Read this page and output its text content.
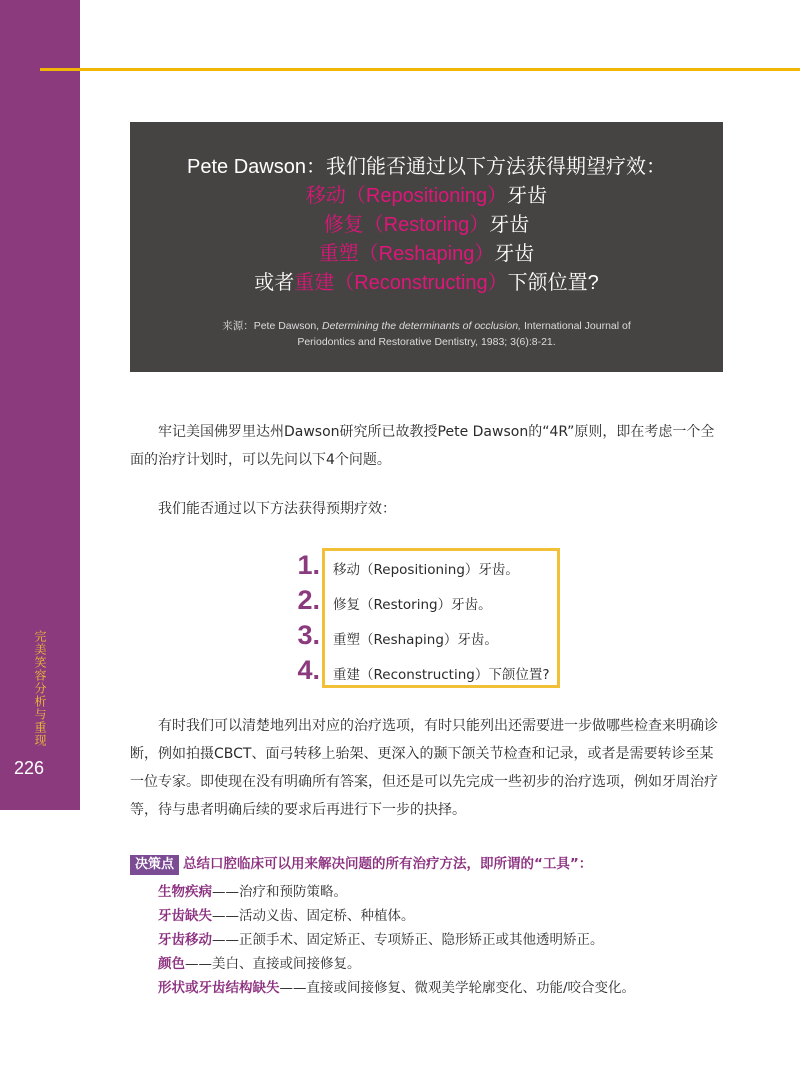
完美笑容分析与重现
226
Pete Dawson：我们能否通过以下方法获得期望疗效：
移动（Repositioning）牙齿
修复（Restoring）牙齿
重塑（Reshaping）牙齿
或者重建（Reconstructing）下颌位置?
来源：Pete Dawson, Determining the determinants of occlusion, International Journal of Periodontics and Restorative Dentistry, 1983; 3(6):8-21.
牢记美国佛罗里达州Dawson研究所已故教授Pete Dawson的“4R”原则，即在考虑一个全面的治疗计划时，可以先问以下4个问题。
我们能否通过以下方法获得预期疗效：
1.
2.
3.
4.
移动（Repositioning）牙齿。
修复（Restoring）牙齿。
重塑（Reshaping）牙齿。
重建（Reconstructing）下颌位置?
有时我们可以清楚地列出对应的治疗选项，有时只能列出还需要进一步做哪些检查来明确诊断，例如拍摄CBCT、面弓转移上骀架、更深入的颞下颌关节检查和记录，或者是需要转诊至某一位专家。即使现在没有明确所有答案，但还是可以先完成一些初步的治疗选项，例如牙周治疗等，待与患者明确后续的要求后再进行下一步的抉择。
决策点 总结口腔临床可以用来解决问题的所有治疗方法，即所谓的“工具”：
生物疾病——治疗和预防策略。
牙齿缺失——活动义齿、固定桥、种植体。
牙齿移动——正颌手术、固定矫正、专项矫正、隐形矫正或其他透明矫正。
颜色——美白、直接或间接修复。
形状或牙齿结构缺失——直接或间接修复、微观美学轮廓变化、功能/咬合变化。
